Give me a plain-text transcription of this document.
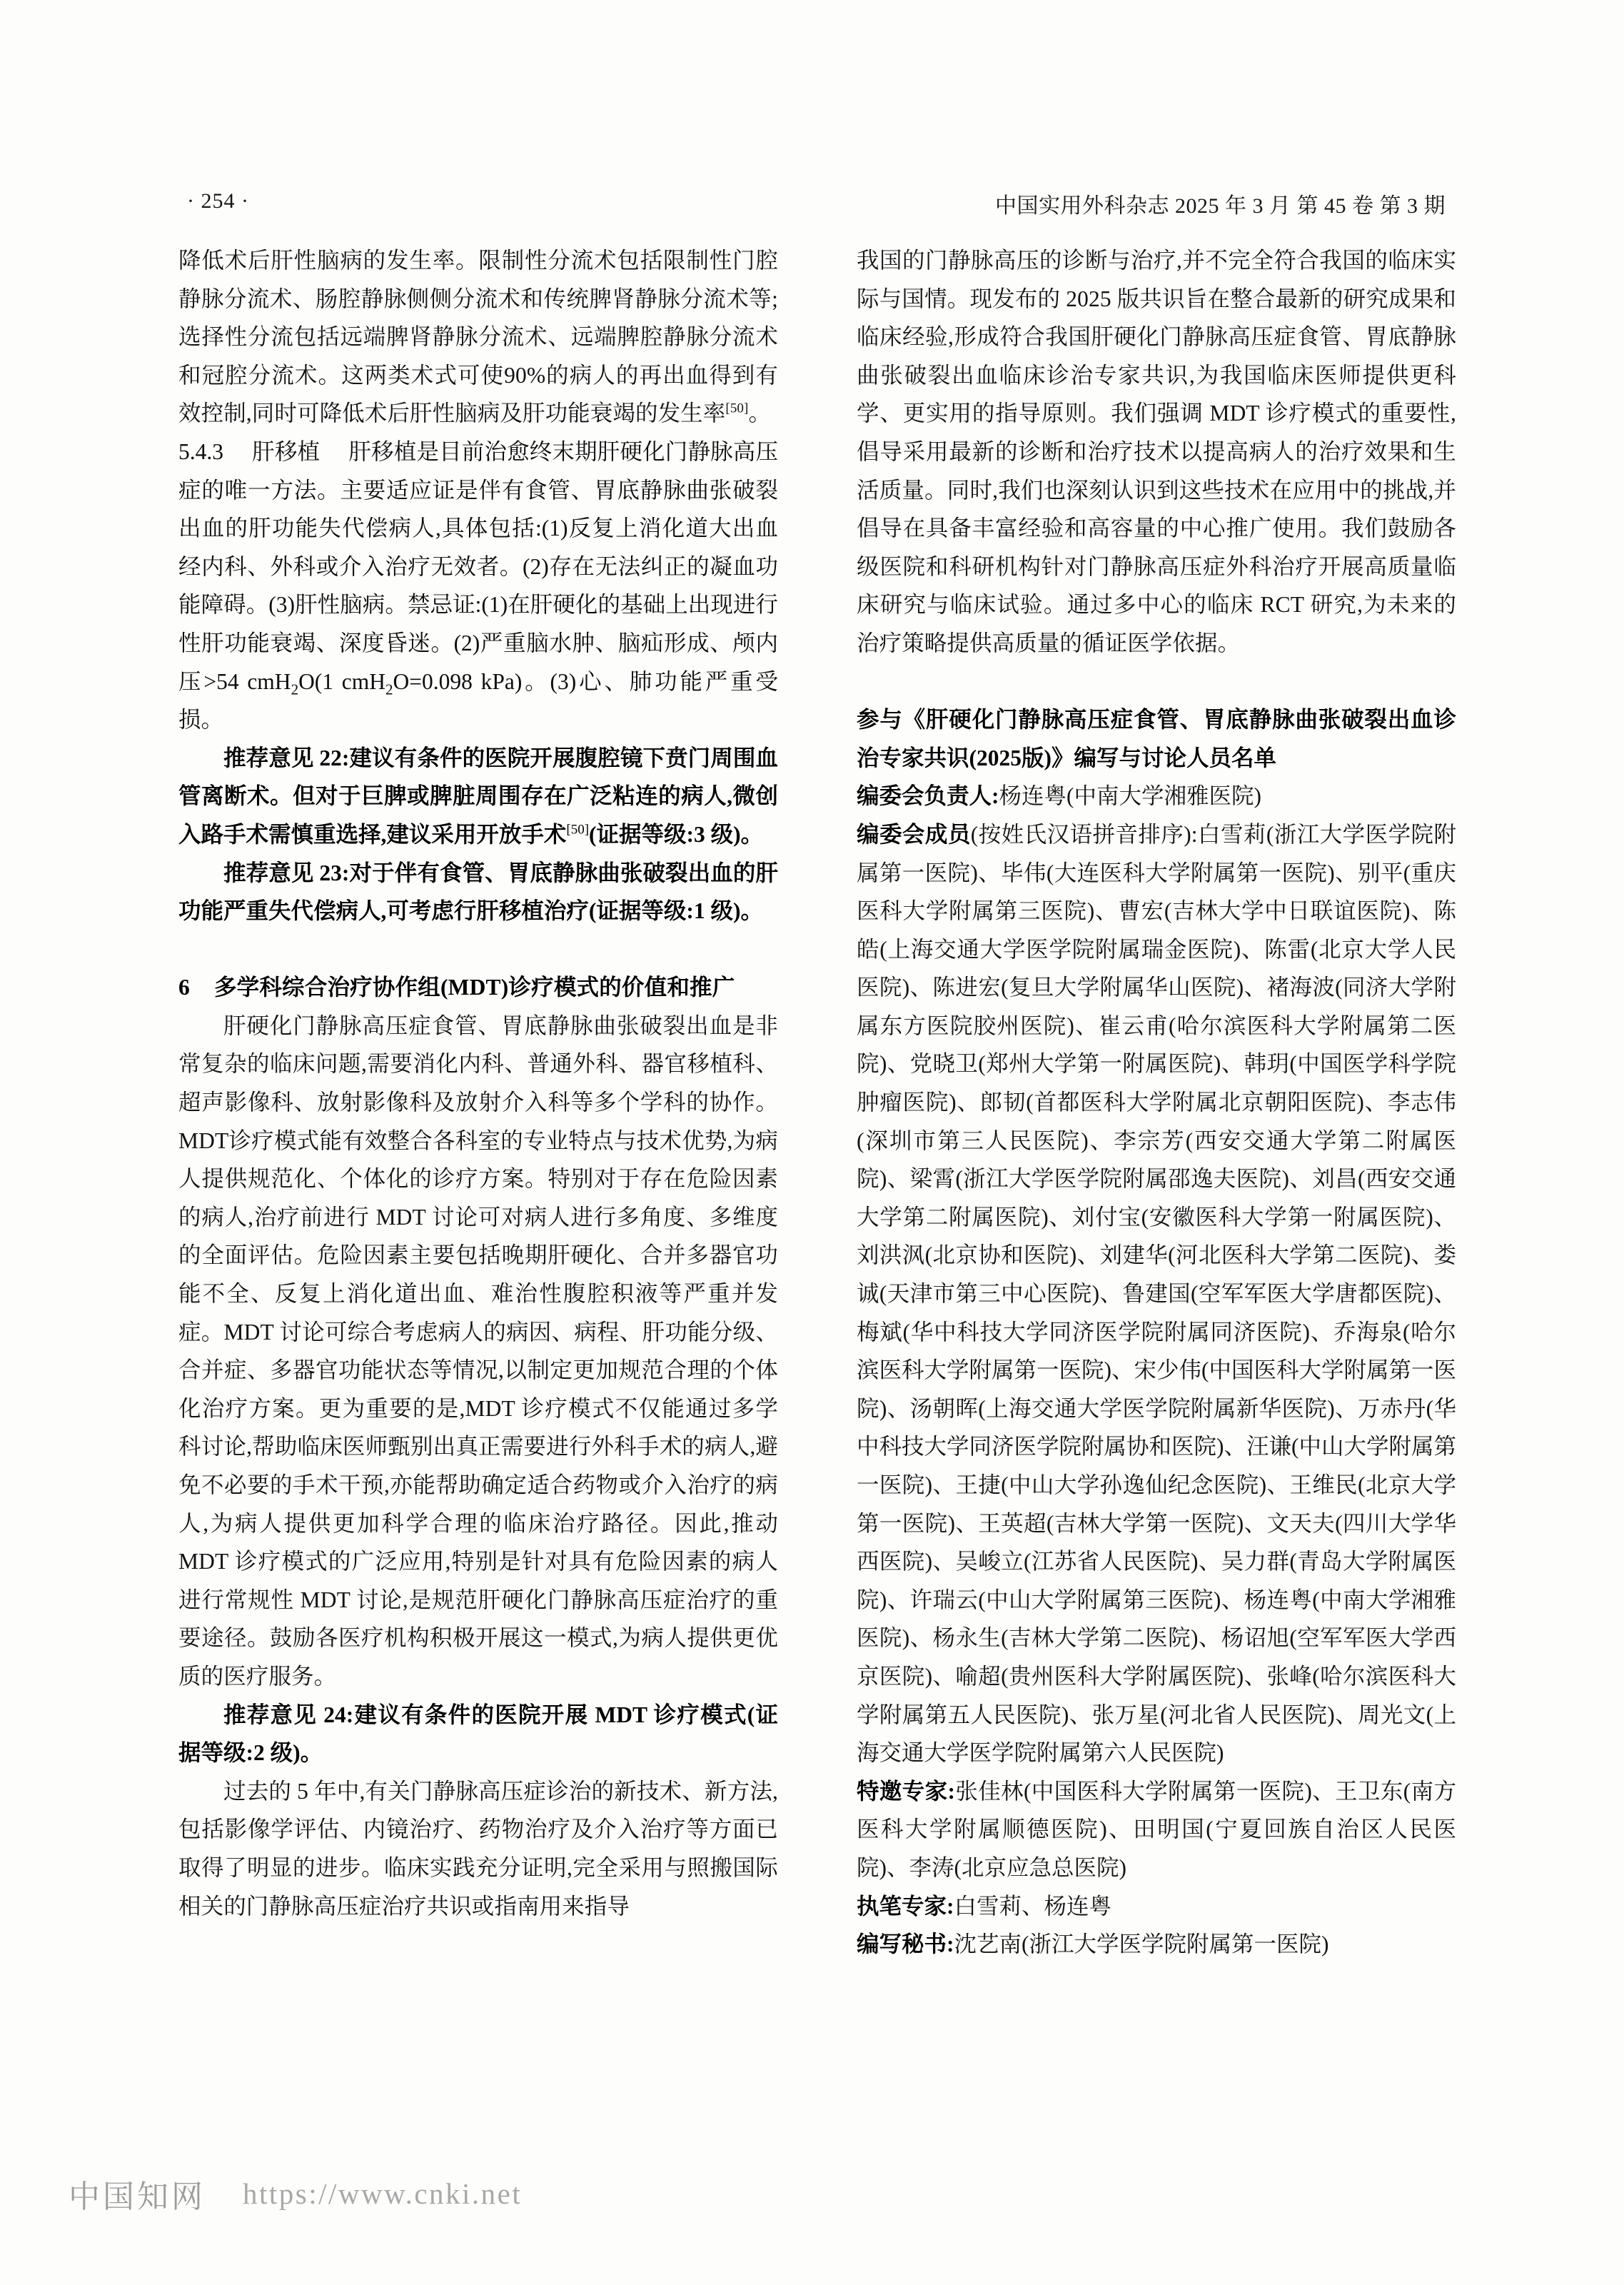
· 254 ·	中国实用外科杂志 2025 年 3 月 第 45 卷 第 3 期

降低术后肝性脑病的发生率。限制性分流术包括限制性门腔静脉分流术、肠腔静脉侧侧分流术和传统脾肾静脉分流术等;选择性分流包括远端脾肾静脉分流术、远端脾腔静脉分流术和冠腔分流术。这两类术式可使90%的病人的再出血得到有效控制,同时可降低术后肝性脑病及肝功能衰竭的发生率[50]。

5.4.3 肝移植 肝移植是目前治愈终末期肝硬化门静脉高压症的唯一方法。主要适应证是伴有食管、胃底静脉曲张破裂出血的肝功能失代偿病人,具体包括:(1)反复上消化道大出血经内科、外科或介入治疗无效者。(2)存在无法纠正的凝血功能障碍。(3)肝性脑病。禁忌证:(1)在肝硬化的基础上出现进行性肝功能衰竭、深度昏迷。(2)严重脑水肿、脑疝形成、颅内压>54 cmH$_2$O(1 cmH$_2$O=0.098 kPa)。(3)心、肺功能严重受损。

推荐意见 22:建议有条件的医院开展腹腔镜下贲门周围血管离断术。但对于巨脾或脾脏周围存在广泛粘连的病人,微创入路手术需慎重选择,建议采用开放手术[50](证据等级:3 级)。

推荐意见 23:对于伴有食管、胃底静脉曲张破裂出血的肝功能严重失代偿病人,可考虑行肝移植治疗(证据等级:1 级)。

6 多学科综合治疗协作组(MDT)诊疗模式的价值和推广

肝硬化门静脉高压症食管、胃底静脉曲张破裂出血是非常复杂的临床问题,需要消化内科、普通外科、器官移植科、超声影像科、放射影像科及放射介入科等多个学科的协作。MDT诊疗模式能有效整合各科室的专业特点与技术优势,为病人提供规范化、个体化的诊疗方案。特别对于存在危险因素的病人,治疗前进行 MDT 讨论可对病人进行多角度、多维度的全面评估。危险因素主要包括晚期肝硬化、合并多器官功能不全、反复上消化道出血、难治性腹腔积液等严重并发症。MDT 讨论可综合考虑病人的病因、病程、肝功能分级、合并症、多器官功能状态等情况,以制定更加规范合理的个体化治疗方案。更为重要的是,MDT 诊疗模式不仅能通过多学科讨论,帮助临床医师甄别出真正需要进行外科手术的病人,避免不必要的手术干预,亦能帮助确定适合药物或介入治疗的病人,为病人提供更加科学合理的临床治疗路径。因此,推动 MDT 诊疗模式的广泛应用,特别是针对具有危险因素的病人进行常规性 MDT 讨论,是规范肝硬化门静脉高压症治疗的重要途径。鼓励各医疗机构积极开展这一模式,为病人提供更优质的医疗服务。

推荐意见 24:建议有条件的医院开展 MDT 诊疗模式(证据等级:2 级)。

过去的 5 年中,有关门静脉高压症诊治的新技术、新方法,包括影像学评估、内镜治疗、药物治疗及介入治疗等方面已取得了明显的进步。临床实践充分证明,完全采用与照搬国际相关的门静脉高压症治疗共识或指南用来指导

我国的门静脉高压的诊断与治疗,并不完全符合我国的临床实际与国情。现发布的 2025 版共识旨在整合最新的研究成果和临床经验,形成符合我国肝硬化门静脉高压症食管、胃底静脉曲张破裂出血临床诊治专家共识,为我国临床医师提供更科学、更实用的指导原则。我们强调 MDT 诊疗模式的重要性,倡导采用最新的诊断和治疗技术以提高病人的治疗效果和生活质量。同时,我们也深刻认识到这些技术在应用中的挑战,并倡导在具备丰富经验和高容量的中心推广使用。我们鼓励各级医院和科研机构针对门静脉高压症外科治疗开展高质量临床研究与临床试验。通过多中心的临床 RCT 研究,为未来的治疗策略提供高质量的循证医学依据。

参与《肝硬化门静脉高压症食管、胃底静脉曲张破裂出血诊治专家共识(2025版)》编写与讨论人员名单

编委会负责人:杨连粤(中南大学湘雅医院)

编委会成员(按姓氏汉语拼音排序):白雪莉(浙江大学医学院附属第一医院)、毕伟(大连医科大学附属第一医院)、别平(重庆医科大学附属第三医院)、曹宏(吉林大学中日联谊医院)、陈皓(上海交通大学医学院附属瑞金医院)、陈雷(北京大学人民医院)、陈进宏(复旦大学附属华山医院)、褚海波(同济大学附属东方医院胶州医院)、崔云甫(哈尔滨医科大学附属第二医院)、党晓卫(郑州大学第一附属医院)、韩玥(中国医学科学院肿瘤医院)、郎韧(首都医科大学附属北京朝阳医院)、李志伟(深圳市第三人民医院)、李宗芳(西安交通大学第二附属医院)、梁霄(浙江大学医学院附属邵逸夫医院)、刘昌(西安交通大学第二附属医院)、刘付宝(安徽医科大学第一附属医院)、刘洪沨(北京协和医院)、刘建华(河北医科大学第二医院)、娄诚(天津市第三中心医院)、鲁建国(空军军医大学唐都医院)、梅斌(华中科技大学同济医学院附属同济医院)、乔海泉(哈尔滨医科大学附属第一医院)、宋少伟(中国医科大学附属第一医院)、汤朝晖(上海交通大学医学院附属新华医院)、万赤丹(华中科技大学同济医学院附属协和医院)、汪谦(中山大学附属第一医院)、王捷(中山大学孙逸仙纪念医院)、王维民(北京大学第一医院)、王英超(吉林大学第一医院)、文天夫(四川大学华西医院)、吴峻立(江苏省人民医院)、吴力群(青岛大学附属医院)、许瑞云(中山大学附属第三医院)、杨连粤(中南大学湘雅医院)、杨永生(吉林大学第二医院)、杨诏旭(空军军医大学西京医院)、喻超(贵州医科大学附属医院)、张峰(哈尔滨医科大学附属第五人民医院)、张万星(河北省人民医院)、周光文(上海交通大学医学院附属第六人民医院)

特邀专家:张佳林(中国医科大学附属第一医院)、王卫东(南方医科大学附属顺德医院)、田明国(宁夏回族自治区人民医院)、李涛(北京应急总医院)

执笔专家:白雪莉、杨连粤

编写秘书:沈艺南(浙江大学医学院附属第一医院)

中国知网 https://www.cnki.net
